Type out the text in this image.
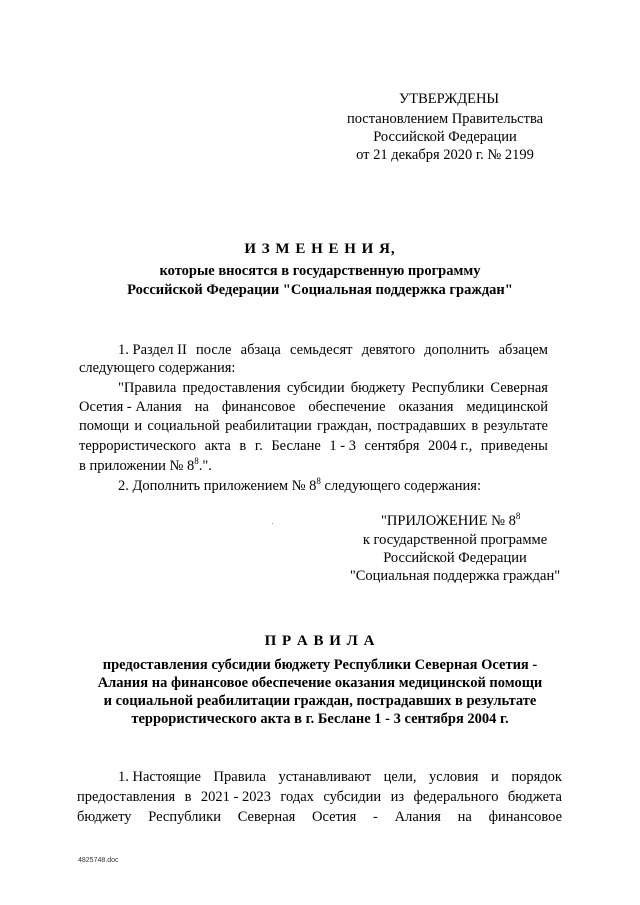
УТВЕРЖДЕНЫ
постановлением Правительства
Российской Федерации
от 21 декабря 2020 г. № 2199
И З М Е Н Е Н И Я,
которые вносятся в государственную программу
Российской Федерации "Социальная поддержка граждан"
1. Раздел II после абзаца семьдесят девятого дополнить абзацем
следующего содержания:
"Правила предоставления субсидии бюджету Республики Северная
Осетия - Алания на финансовое обеспечение оказания медицинской
помощи и социальной реабилитации граждан, пострадавших в результате
террористического акта в г. Беслане 1 - 3 сентября 2004 г., приведены
в приложении № $8^8$.".
2. Дополнить приложением № $8^8$ следующего содержания:
"ПРИЛОЖЕНИЕ № $8^8$
к государственной программе
Российской Федерации
"Социальная поддержка граждан"
П Р А В И Л А
предоставления субсидии бюджету Республики Северная Осетия -
Алания на финансовое обеспечение оказания медицинской помощи
и социальной реабилитации граждан, пострадавших в результате
террористического акта в г. Беслане 1 - 3 сентября 2004 г.
1. Настоящие Правила устанавливают цели, условия и порядок
предоставления в 2021 - 2023 годах субсидии из федерального бюджета
бюджету Республики Северная Осетия - Алания на финансовое
4825748.doc
